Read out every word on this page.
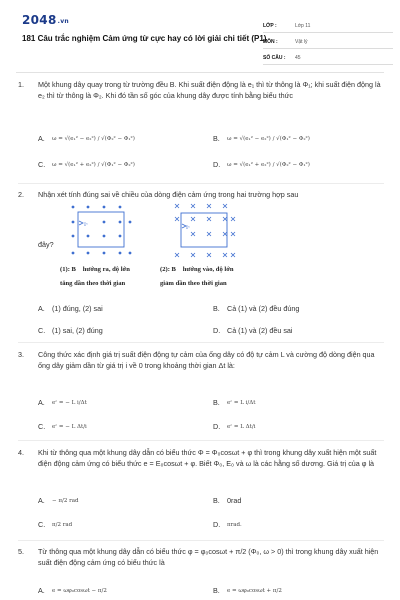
2048.vn
181 Câu trắc nghiệm Cảm ứng từ cực hay có lời giải chi tiết (P1)
LỚP :	Lớp 11
MÔN :	Vật lý
SỐ CÂU :	45
1. Một khung dây quay trong từ trường đều B. Khi suất điện động là e₁ thì từ thông là Φ₁; khi suất điện động là e₂ thì từ thông là Φ₂. Khi đó tần số góc của khung dây được tính bằng biểu thức
A.	ω = √(e₁² − e₂²) / √(Φ₂² − Φ₁²)	B.	ω = √(e₁² − e₂²) / √(Φ₁² − Φ₂²)
C.	ω = √(e₁² + e₂²) / √(Φ₁² − Φ₂²)	D.	ω = √(e₁² + e₂²) / √(Φ₂² − Φ₁²)
2. Nhận xét tính đúng sai về chiều của dòng điện cảm ứng trong hai trường hợp sau
đây?
Iᶜ	Iᶜ
(1): B⃗ hướng ra, độ lớn
tăng dần theo thời gian
(2): B⃗ hướng vào, độ lớn
giảm dần theo thời gian
A.	(1) đúng, (2) sai	B.	Cả (1) và (2) đều đúng
C. (1) sai, (2) đúng	D. Cả (1) và (2) đều sai
3. Công thức xác định giá trị suất điện động tự cảm của ống dây có độ tự cảm L và cường độ dòng điện qua ống dây giảm dần từ giá trị i về 0 trong khoảng thời gian Δt là:
A.	eᶜ = − L i/Δt	B.	eᶜ = L i/Δt
C.	eᶜ = − L Δt/i	D.	eᶜ = L Δt/i
4. Khi từ thông qua một khung dây dẫn có biểu thức Φ = Φ₀cosωt + φ thì trong khung dây xuất hiện một suất điện động cảm ứng có biểu thức e = E₀cosωt + φ. Biết Φ₀, E₀ và ω là các hằng số dương. Giá trị của φ là
A.	− π/2 rad	B.	0rad
C.	π/2 rad	D.	πrad.
5. Từ thông qua một khung dây dẫn có biểu thức φ = φ₀cosωt + π/2 (Φ₀, ω > 0) thì trong khung dây xuất hiện suất điện động cảm ứng có biểu thức là
A.	e = ωφ₀cosωt − π/2	B.	e = ωφ₀cosωt + π/2
